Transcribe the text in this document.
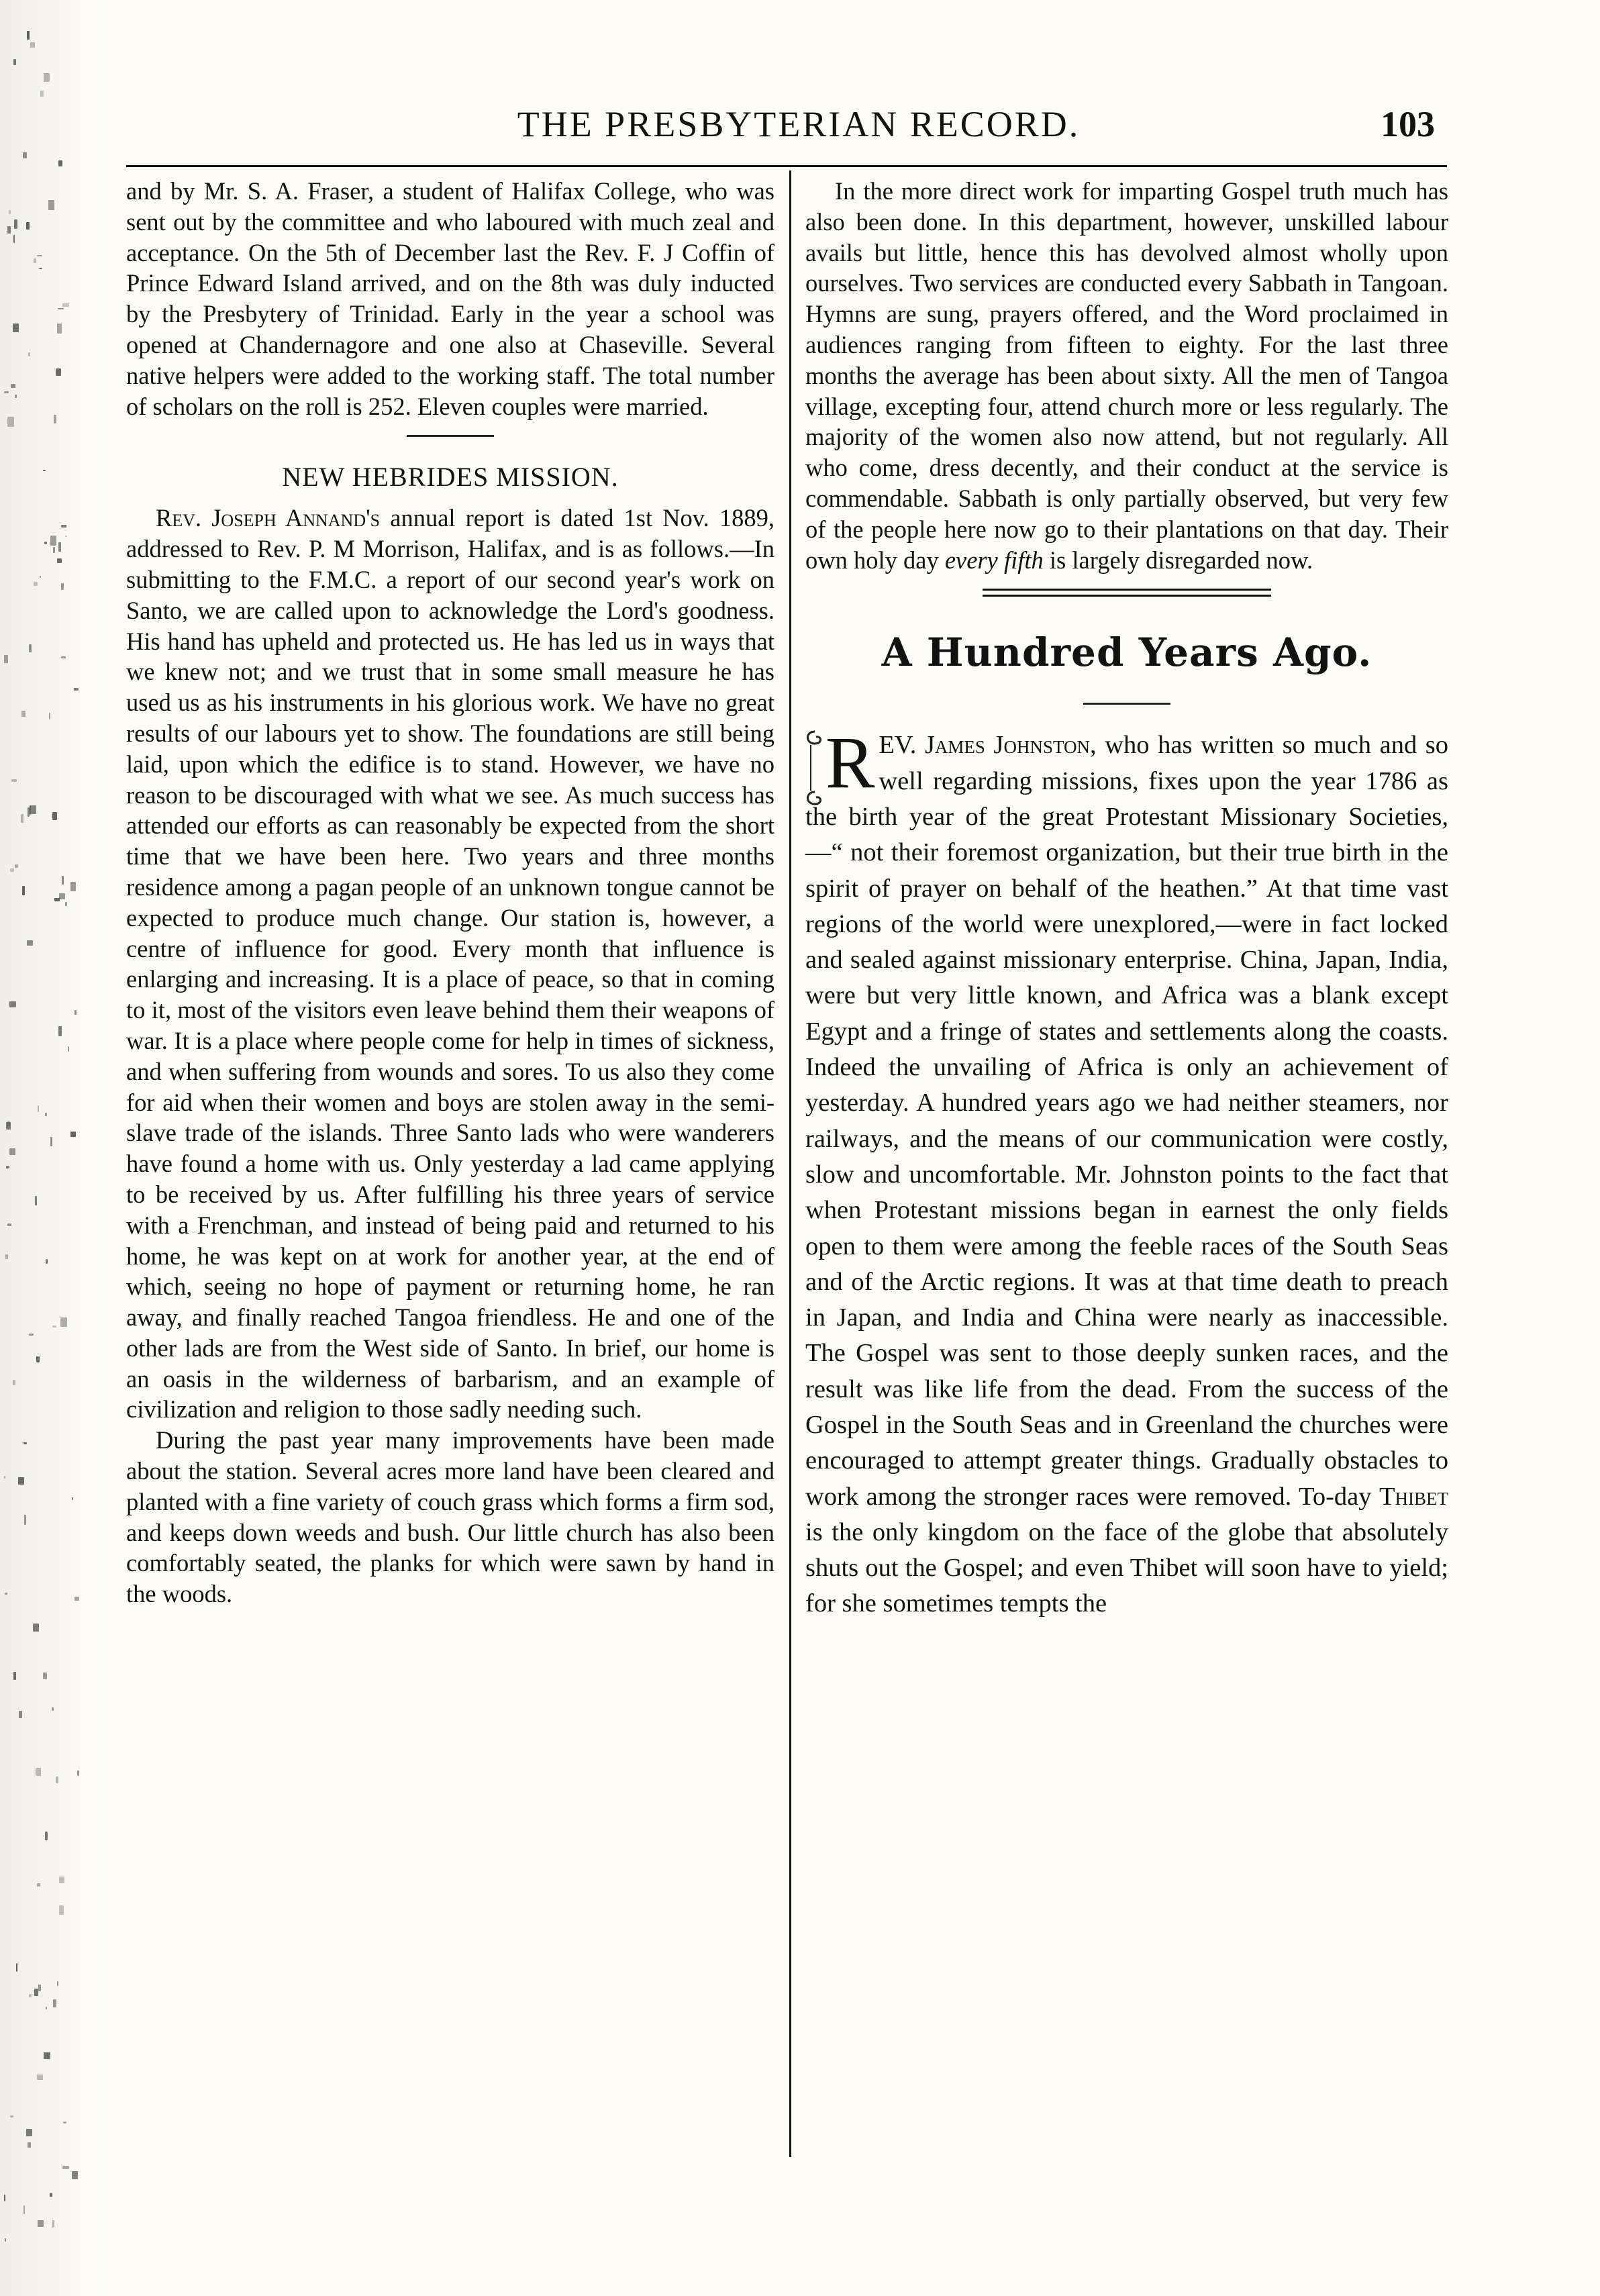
THE PRESBYTERIAN RECORD.	103

and by Mr. S. A. Fraser, a student of Halifax College, who was sent out by the committee and who laboured with much zeal and acceptance. On the 5th of December last the Rev. F. J Coffin of Prince Edward Island arrived, and on the 8th was duly inducted by the Presbytery of Trinidad. Early in the year a school was opened at Chandernagore and one also at Chaseville. Several native helpers were added to the working staff. The total number of scholars on the roll is 252. Eleven couples were married.

NEW HEBRIDES MISSION.

Rev. Joseph Annand's annual report is dated 1st Nov. 1889, addressed to Rev. P. M Morrison, Halifax, and is as follows.—In submitting to the F.M.C. a report of our second year's work on Santo, we are called upon to acknowledge the Lord's goodness. His hand has upheld and protected us. He has led us in ways that we knew not; and we trust that in some small measure he has used us as his instruments in his glorious work. We have no great results of our labours yet to show. The foundations are still being laid, upon which the edifice is to stand. However, we have no reason to be discouraged with what we see. As much success has attended our efforts as can reasonably be expected from the short time that we have been here. Two years and three months residence among a pagan people of an unknown tongue cannot be expected to produce much change. Our station is, however, a centre of influence for good. Every month that influence is enlarging and increasing. It is a place of peace, so that in coming to it, most of the visitors even leave behind them their weapons of war. It is a place where people come for help in times of sickness, and when suffering from wounds and sores. To us also they come for aid when their women and boys are stolen away in the semi-slave trade of the islands. Three Santo lads who were wanderers have found a home with us. Only yesterday a lad came applying to be received by us. After fulfilling his three years of service with a Frenchman, and instead of being paid and returned to his home, he was kept on at work for another year, at the end of which, seeing no hope of payment or returning home, he ran away, and finally reached Tangoa friendless. He and one of the other lads are from the West side of Santo. In brief, our home is an oasis in the wilderness of barbarism, and an example of civilization and religion to those sadly needing such.

During the past year many improvements have been made about the station. Several acres more land have been cleared and planted with a fine variety of couch grass which forms a firm sod, and keeps down weeds and bush. Our little church has also been comfortably seated, the planks for which were sawn by hand in the woods.

In the more direct work for imparting Gospel truth much has also been done. In this department, however, unskilled labour avails but little, hence this has devolved almost wholly upon ourselves. Two services are conducted every Sabbath in Tangoan. Hymns are sung, prayers offered, and the Word proclaimed in audiences ranging from fifteen to eighty. For the last three months the average has been about sixty. All the men of Tangoa village, excepting four, attend church more or less regularly. The majority of the women also now attend, but not regularly. All who come, dress decently, and their conduct at the service is commendable. Sabbath is only partially observed, but very few of the people here now go to their plantations on that day. Their own holy day every fifth is largely disregarded now.

A Hundred Years Ago.

REV. James Johnston, who has written so much and so well regarding missions, fixes upon the year 1786 as the birth year of the great Protestant Missionary Societies, —“ not their foremost organization, but their true birth in the spirit of prayer on behalf of the heathen.” At that time vast regions of the world were unexplored,—were in fact locked and sealed against missionary enterprise. China, Japan, India, were but very little known, and Africa was a blank except Egypt and a fringe of states and settlements along the coasts. Indeed the unvailing of Africa is only an achievement of yesterday. A hundred years ago we had neither steamers, nor railways, and the means of our communication were costly, slow and uncomfortable. Mr. Johnston points to the fact that when Protestant missions began in earnest the only fields open to them were among the feeble races of the South Seas and of the Arctic regions. It was at that time death to preach in Japan, and India and China were nearly as inaccessible. The Gospel was sent to those deeply sunken races, and the result was like life from the dead. From the success of the Gospel in the South Seas and in Greenland the churches were encouraged to attempt greater things. Gradually obstacles to work among the stronger races were removed. To-day Thibet is the only kingdom on the face of the globe that absolutely shuts out the Gospel; and even Thibet will soon have to yield; for she sometimes tempts the
